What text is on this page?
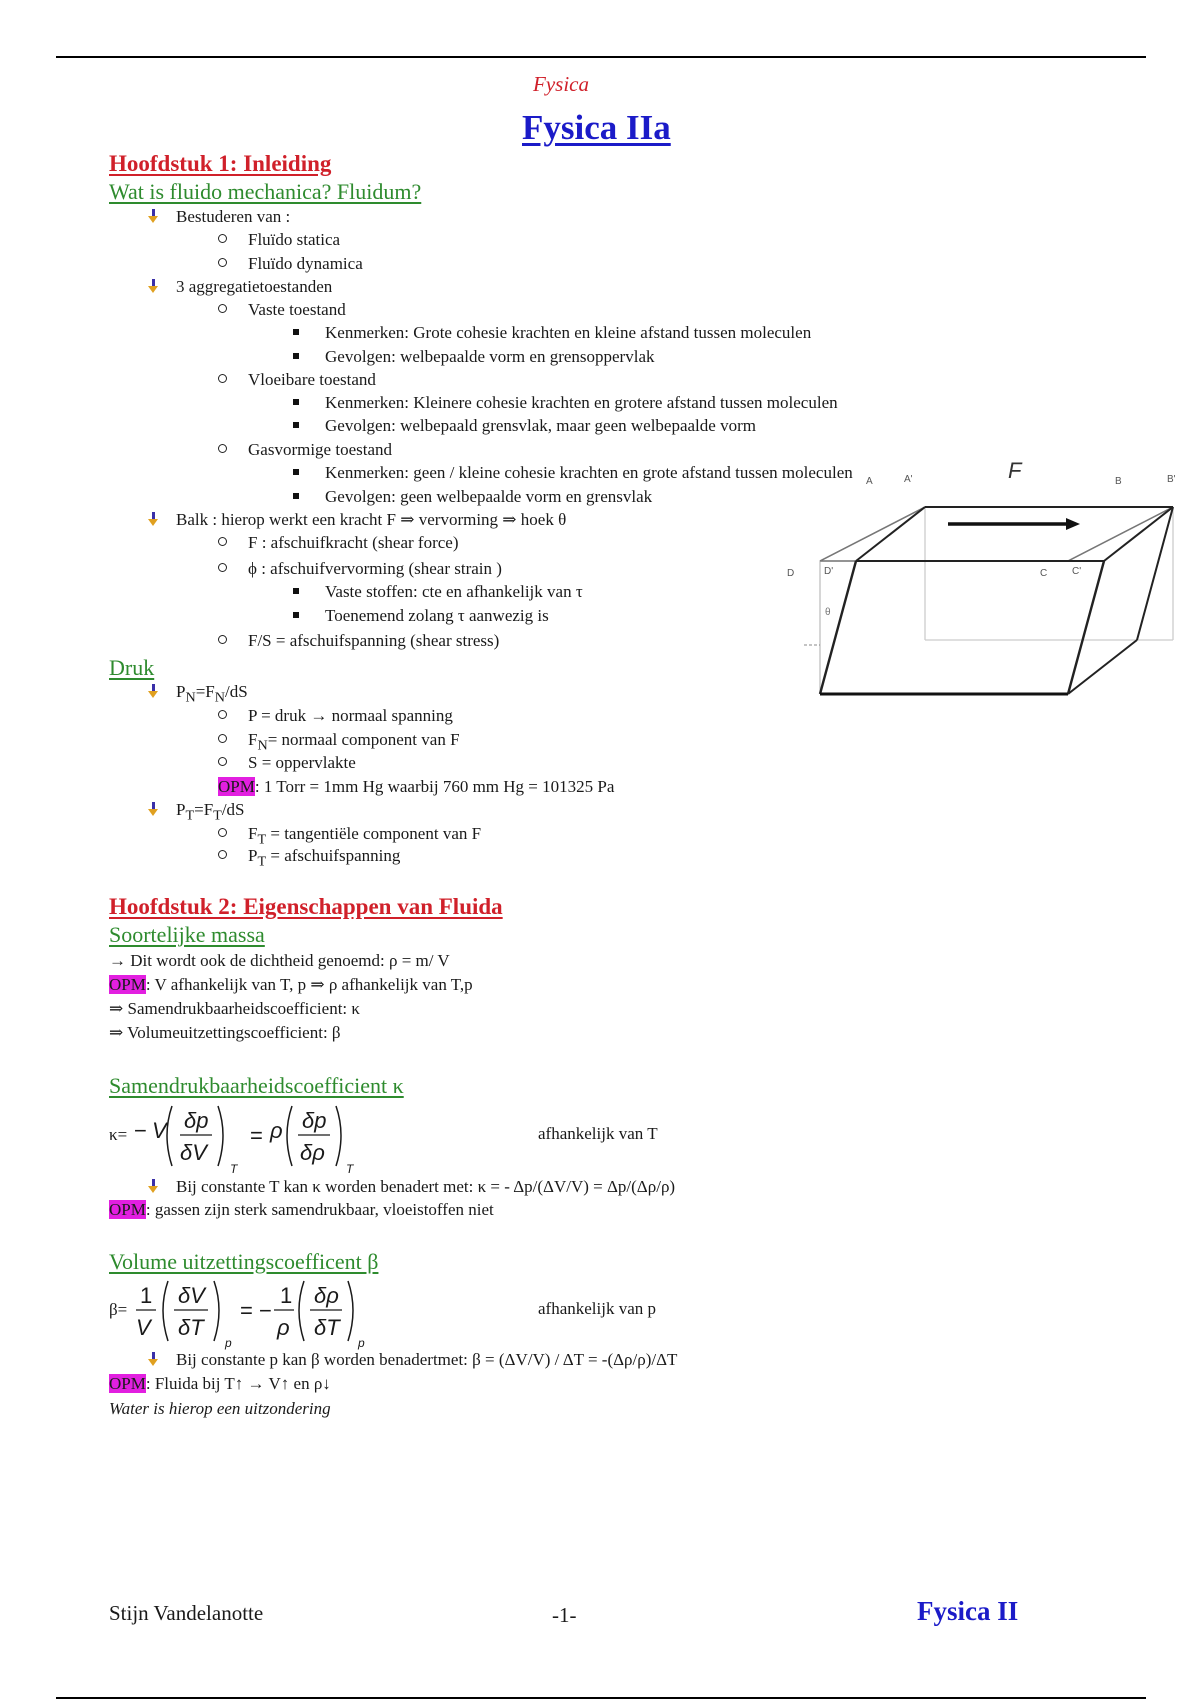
Fysica
Fysica IIa
Hoofdstuk 1: Inleiding
Wat is fluido mechanica? Fluidum?
Bestuderen van :
Fluïdo statica
Fluïdo dynamica
3 aggregatietoestanden
Vaste toestand
Kenmerken: Grote cohesie krachten en kleine afstand tussen moleculen
Gevolgen: welbepaalde vorm en grensoppervlak
Vloeibare toestand
Kenmerken: Kleinere cohesie krachten en grotere afstand tussen moleculen
Gevolgen: welbepaald grensvlak, maar geen welbepaalde vorm
Gasvormige toestand
Kenmerken: geen / kleine cohesie krachten en grote afstand tussen moleculen
Gevolgen: geen welbepaalde vorm en grensvlak
Balk : hierop werkt een kracht F ⇒ vervorming ⇒ hoek θ
F : afschuifkracht (shear force)
ϕ : afschuifvervorming (shear strain )
Vaste stoffen: cte en afhankelijk van τ
Toenemend zolang τ aanwezig is
F/S = afschuifspanning (shear stress)
Druk
$P_N=F_N/dS$
P = druk → normaal spanning
$F_N=$ normaal component van F
S = oppervlakte
OPM: 1 Torr = 1mm Hg waarbij 760 mm Hg = 101325 Pa
$P_T=F_T/dS$
$F_T$ = tangentiële component van F
$P_T$ = afschuifspanning
F
A	A'	B	B'
D	D'	C C'
θ
Hoofdstuk 2: Eigenschappen van Fluida
Soortelijke massa
→ Dit wordt ook de dichtheid genoemd: ρ = m/ V
OPM: V afhankelijk van T, p ⇒ ρ afhankelijk van T,p
⇒ Samendrukbaarheidscoefficient: κ
⇒ Volumeuitzettingscoefficient: β
Samendrukbaarheidscoefficient κ
κ= − V δp
δV
T
= ρ δp
δρ
T
afhankelijk van T
Bij constante T kan κ worden benadert met: κ = - Δp/(ΔV/V) = Δp/(Δρ/ρ)
OPM: gassen zijn sterk samendrukbaar, vloeistoffen niet
Volume uitzettingscoefficent β
β=
1
V
δV
δT
p
= −
1
ρ
δρ
δT
p
afhankelijk van p
Bij constante p kan β worden benadertmet: β = (ΔV/V) / ΔT = -(Δρ/ρ)/ΔT
OPM: Fluida bij T↑ → V↑ en ρ↓
Water is hierop een uitzondering
Stijn Vandelanotte	-1-	Fysica II
